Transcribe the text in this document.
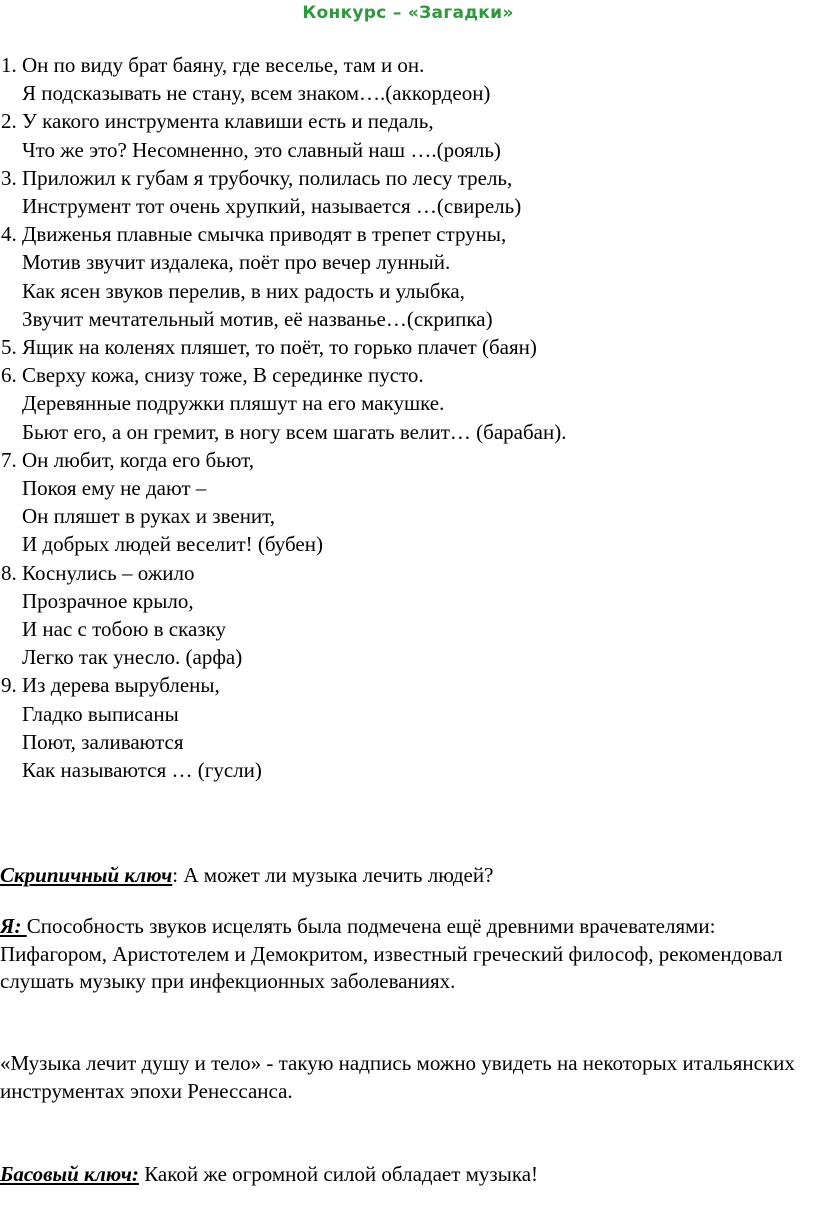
Конкурс – «Загадки»
1. Он по виду брат баяну, где веселье, там и он.
Я подсказывать не стану, всем знаком….(аккордеон)
2. У какого инструмента клавиши есть и педаль,
Что же это? Несомненно, это славный наш ….(рояль)
3. Приложил к губам я трубочку, полилась по лесу трель,
Инструмент тот очень хрупкий, называется …(свирель)
4. Движенья плавные смычка приводят в трепет струны,
Мотив звучит издалека, поёт про вечер лунный.
Как ясен звуков перелив, в них радость и улыбка,
Звучит мечтательный мотив, её названье…(скрипка)
5. Ящик на коленях пляшет, то поёт, то горько плачет (баян)
6. Сверху кожа, снизу тоже, В серединке пусто.
Деревянные подружки пляшут на его макушке.
Бьют его, а он гремит, в ногу всем шагать велит… (барабан).
7. Он любит, когда его бьют,
Покоя ему не дают –
Он пляшет в руках и звенит,
И добрых людей веселит! (бубен)
8. Коснулись – ожило
Прозрачное крыло,
И нас с тобою в сказку
Легко так унесло. (арфа)
9. Из дерева вырублены,
Гладко выписаны
Поют, заливаются
Как называются … (гусли)

Скрипичный ключ: А может ли музыка лечить людей?

Я: Способность звуков исцелять была подмечена ещё древними врачевателями: Пифагором, Аристотелем и Демокритом, известный греческий философ, рекомендовал слушать музыку при инфекционных заболеваниях.

«Музыка лечит душу и тело» - такую надпись можно увидеть на некоторых итальянских инструментах эпохи Ренессанса.

Басовый ключ: Какой же огромной силой обладает музыка!
